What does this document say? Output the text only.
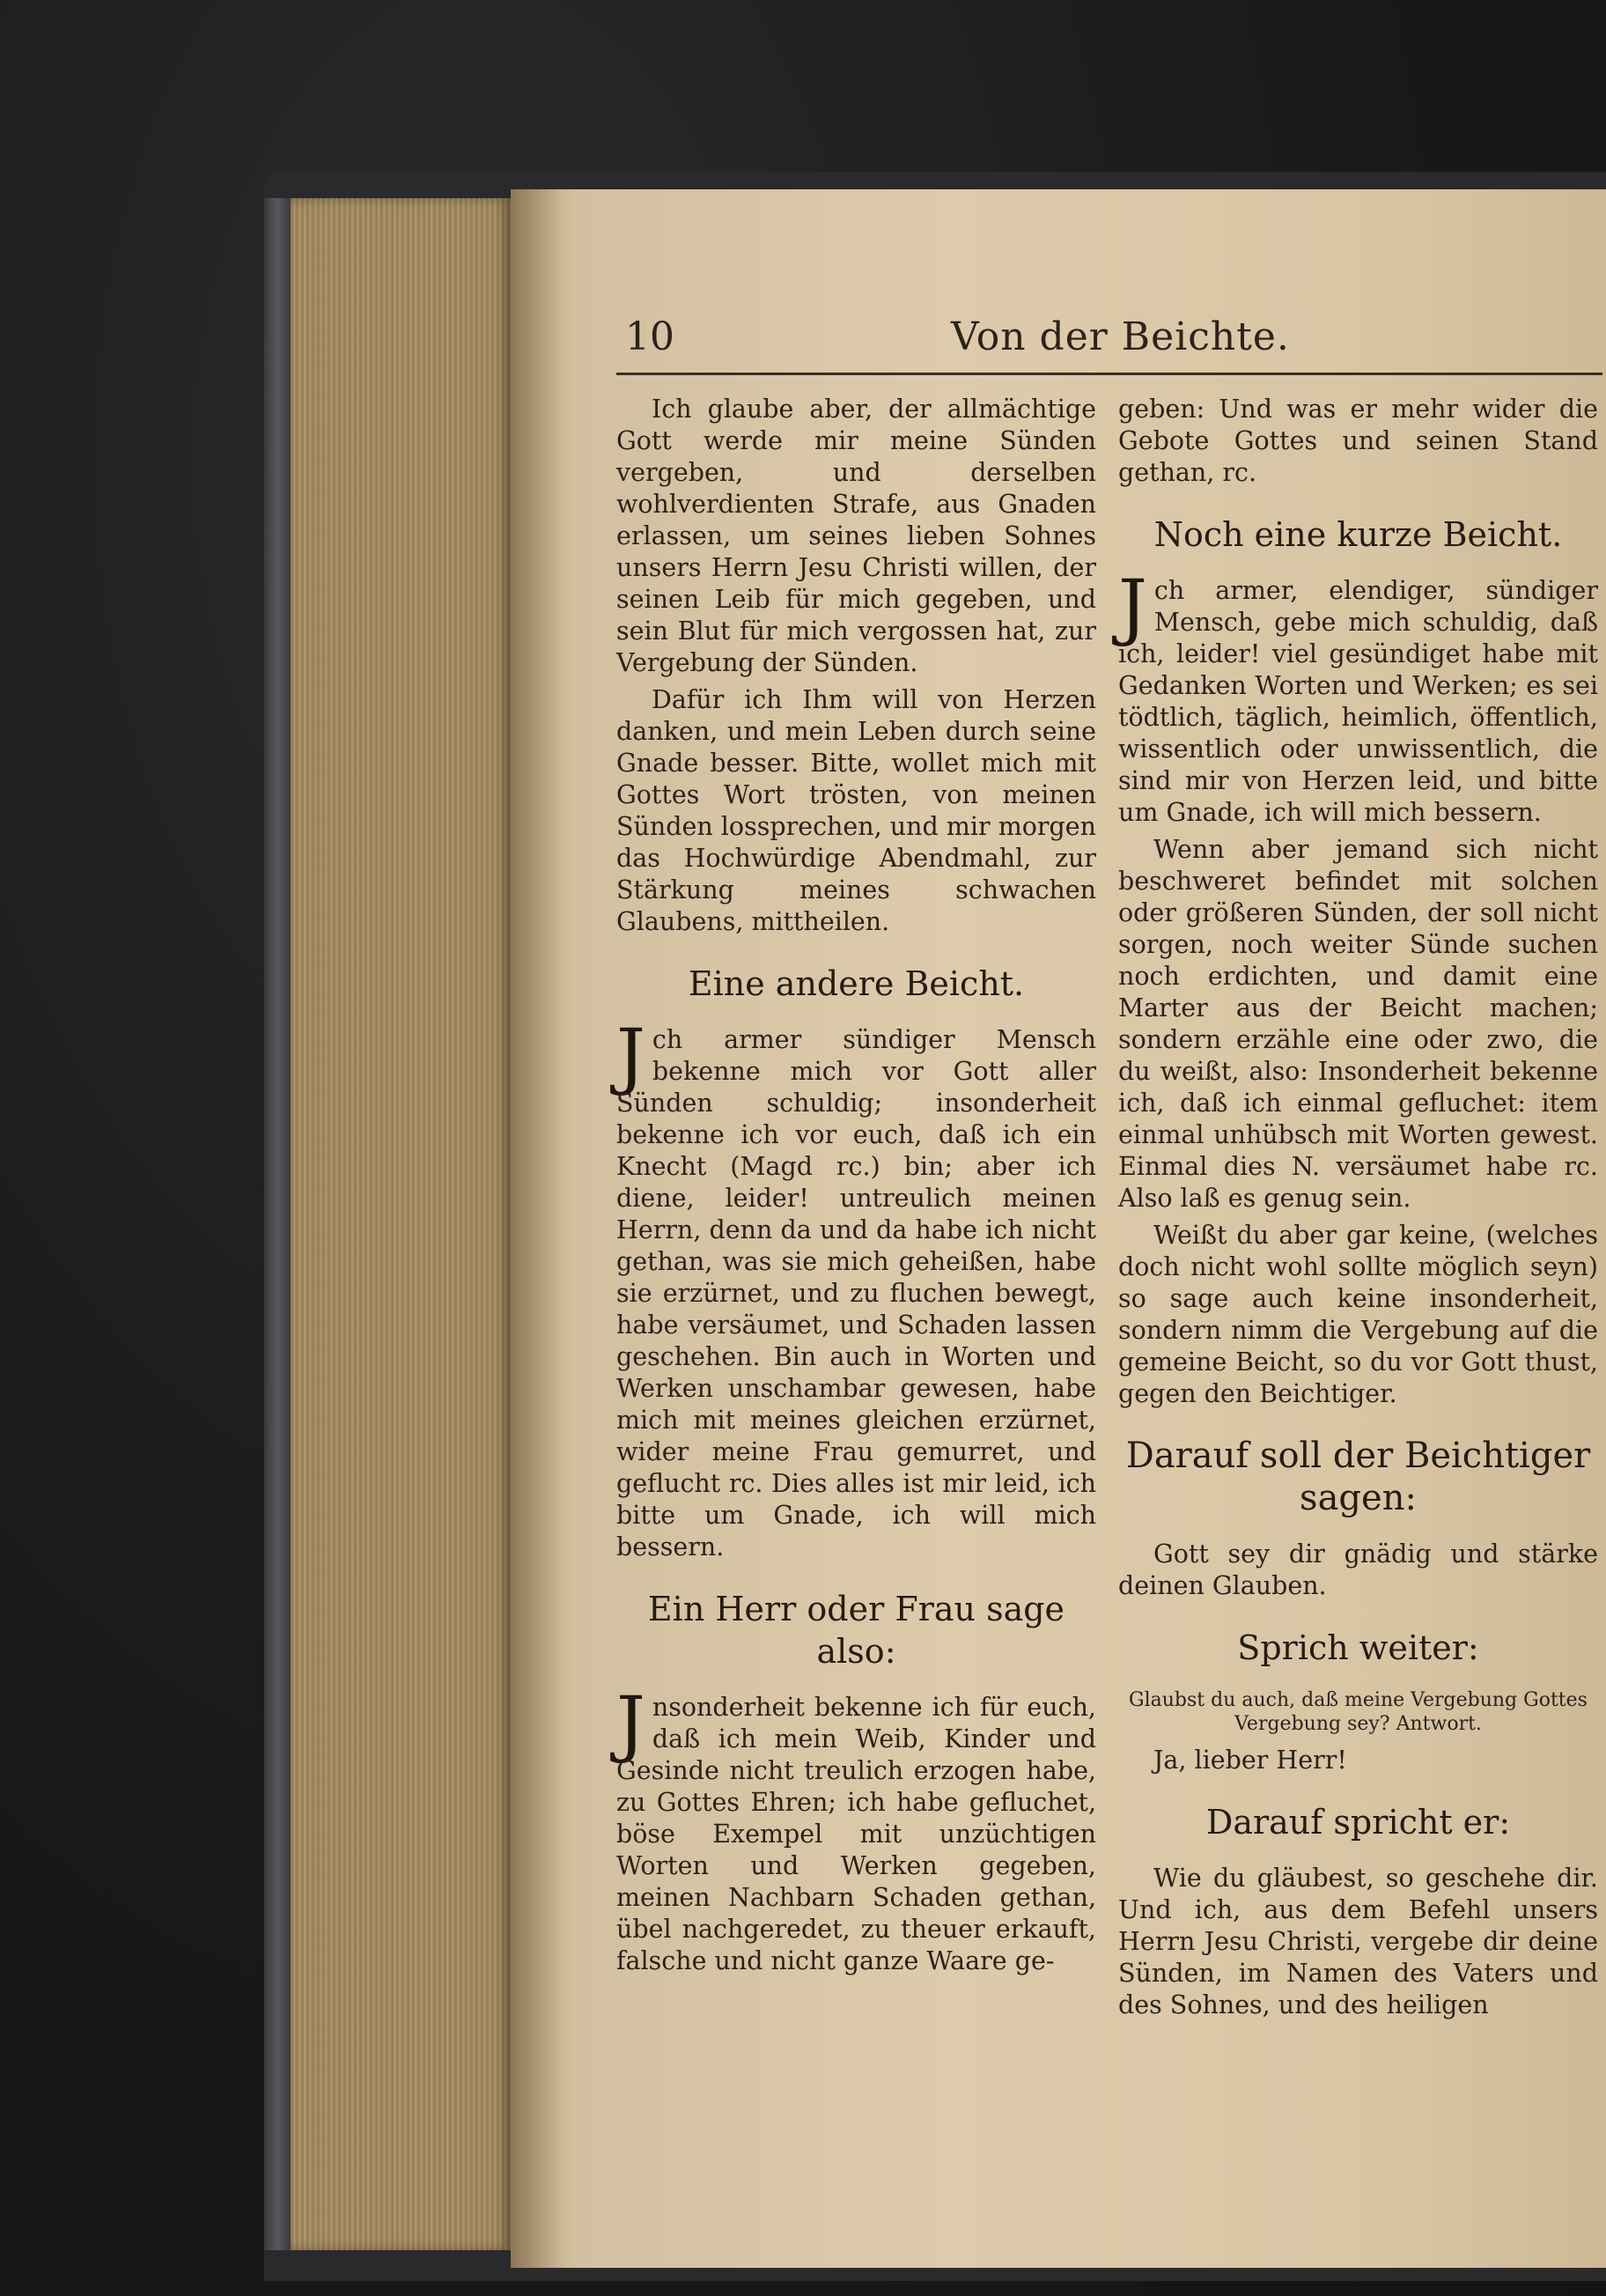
10	Von der Beichte.

Ich glaube aber, der allmächtige Gott werde mir meine Sünden vergeben, und derselben wohlverdienten Strafe, aus Gnaden erlassen, um seines lieben Sohnes unsers Herrn Jesu Christi willen, der seinen Leib für mich gegeben, und sein Blut für mich vergossen hat, zur Vergebung der Sünden.

Dafür ich Ihm will von Herzen danken, und mein Leben durch seine Gnade besser. Bitte, wollet mich mit Gottes Wort trösten, von meinen Sünden lossprechen, und mir morgen das Hochwürdige Abendmahl, zur Stärkung meines schwachen Glaubens, mittheilen.

Eine andere Beicht.

J ch armer sündiger Mensch bekenne mich vor Gott aller Sünden schuldig; insonderheit bekenne ich vor euch, daß ich ein Knecht (Magd rc.) bin; aber ich diene, leider! untreulich meinen Herrn, denn da und da habe ich nicht gethan, was sie mich geheißen, habe sie erzürnet, und zu fluchen bewegt, habe versäumet, und Schaden lassen geschehen. Bin auch in Worten und Werken unschambar gewesen, habe mich mit meines gleichen erzürnet, wider meine Frau gemurret, und geflucht rc. Dies alles ist mir leid, ich bitte um Gnade, ich will mich bessern.

Ein Herr oder Frau sage also:

J nsonderheit bekenne ich für euch, daß ich mein Weib, Kinder und Gesinde nicht treulich erzogen habe, zu Gottes Ehren; ich habe gefluchet, böse Exempel mit unzüchtigen Worten und Werken gegeben, meinen Nachbarn Schaden gethan, übel nachgeredet, zu theuer erkauft, falsche und nicht ganze Waare ge-

geben: Und was er mehr wider die Gebote Gottes und seinen Stand gethan, rc.

Noch eine kurze Beicht.

J ch armer, elendiger, sündiger Mensch, gebe mich schuldig, daß ich, leider! viel gesündiget habe mit Gedanken Worten und Werken; es sei tödtlich, täglich, heimlich, öffentlich, wissentlich oder unwissentlich, die sind mir von Herzen leid, und bitte um Gnade, ich will mich bessern.

Wenn aber jemand sich nicht beschweret befindet mit solchen oder größeren Sünden, der soll nicht sorgen, noch weiter Sünde suchen noch erdichten, und damit eine Marter aus der Beicht machen; sondern erzähle eine oder zwo, die du weißt, also: Insonderheit bekenne ich, daß ich einmal gefluchet: item einmal unhübsch mit Worten gewest. Einmal dies N. versäumet habe rc. Also laß es genug sein.

Weißt du aber gar keine, (welches doch nicht wohl sollte möglich seyn) so sage auch keine insonderheit, sondern nimm die Vergebung auf die gemeine Beicht, so du vor Gott thust, gegen den Beichtiger.

Darauf soll der Beichtiger sagen:

Gott sey dir gnädig und stärke deinen Glauben.

Sprich weiter:

Glaubst du auch, daß meine Vergebung Gottes Vergebung sey? Antwort.

Ja, lieber Herr!

Darauf spricht er:

Wie du gläubest, so geschehe dir. Und ich, aus dem Befehl unsers Herrn Jesu Christi, vergebe dir deine Sünden, im Namen des Vaters und des Sohnes, und des heiligen
